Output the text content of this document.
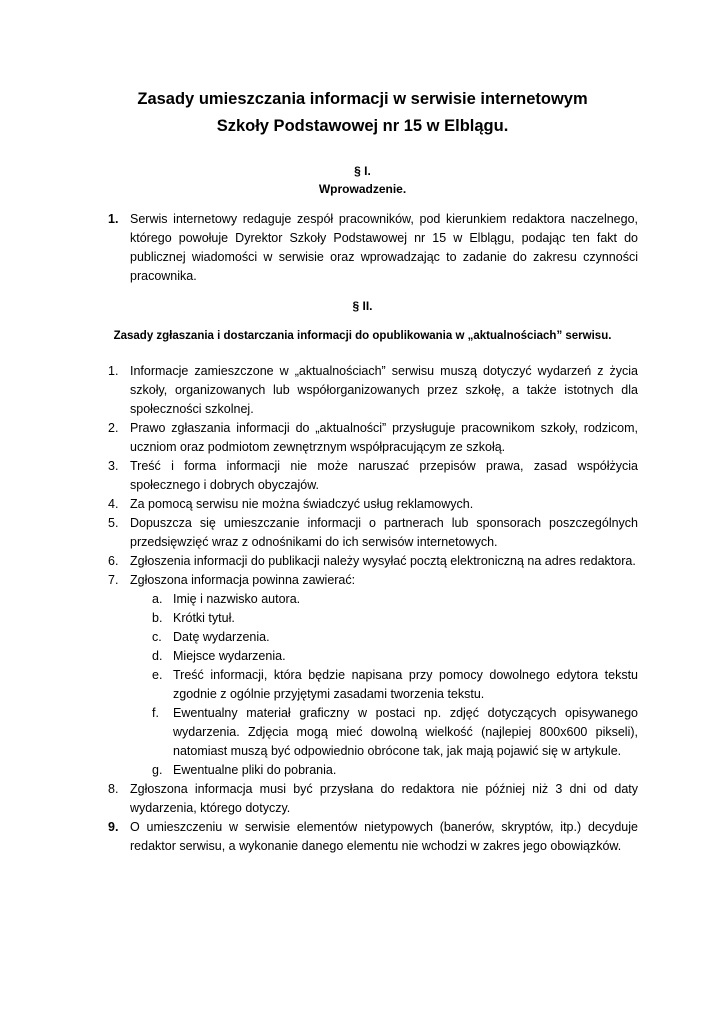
Zasady umieszczania informacji w serwisie internetowym
Szkoły Podstawowej nr 15 w Elblągu.
§ I.
Wprowadzenie.
1. Serwis internetowy redaguje zespół pracowników, pod kierunkiem redaktora naczelnego, którego powołuje Dyrektor Szkoły Podstawowej nr 15 w Elblągu, podając ten fakt do publicznej wiadomości w serwisie oraz wprowadzając to zadanie do zakresu czynności pracownika.
§ II.
Zasady zgłaszania i dostarczania informacji do opublikowania w „aktualnościach” serwisu.
1. Informacje zamieszczone w „aktualnościach” serwisu muszą dotyczyć wydarzeń z życia szkoły, organizowanych lub współorganizowanych przez szkołę, a także istotnych dla społeczności szkolnej.
2. Prawo zgłaszania informacji do „aktualności” przysługuje pracownikom szkoły, rodzicom, uczniom oraz podmiotom zewnętrznym współpracującym ze szkołą.
3. Treść i forma informacji nie może naruszać przepisów prawa, zasad współżycia społecznego i dobrych obyczajów.
4. Za pomocą serwisu nie można świadczyć usług reklamowych.
5. Dopuszcza się umieszczanie informacji o partnerach lub sponsorach poszczególnych przedsięwzięć wraz z odnośnikami do ich serwisów internetowych.
6. Zgłoszenia informacji do publikacji należy wysyłać pocztą elektroniczną na adres redaktora.
7. Zgłoszona informacja powinna zawierać:
a. Imię i nazwisko autora.
b. Krótki tytuł.
c. Datę wydarzenia.
d. Miejsce wydarzenia.
e. Treść informacji, która będzie napisana przy pomocy dowolnego edytora tekstu zgodnie z ogólnie przyjętymi zasadami tworzenia tekstu.
f. Ewentualny materiał graficzny w postaci np. zdjęć dotyczących opisywanego wydarzenia. Zdjęcia mogą mieć dowolną wielkość (najlepiej 800x600 pikseli), natomiast muszą być odpowiednio obrócone tak, jak mają pojawić się w artykule.
g. Ewentualne pliki do pobrania.
8. Zgłoszona informacja musi być przysłana do redaktora nie później niż 3 dni od daty wydarzenia, którego dotyczy.
9. O umieszczeniu w serwisie elementów nietypowych (banerów, skryptów, itp.) decyduje redaktor serwisu, a wykonanie danego elementu nie wchodzi w zakres jego obowiązków.
